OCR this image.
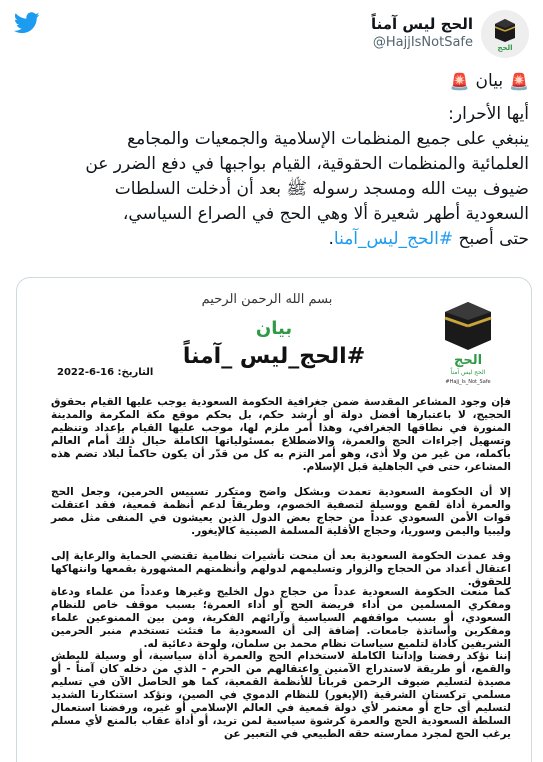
الحج
الحج ليس آمناً
@HajjIsNotSafe
🚨
بيان
🚨
أيها الأحرار:
ينبغي على جميع المنظمات الإسلامية والجمعيات والمجامع
العلمائية والمنظمات الحقوقية، القيام بواجبها في دفع الضرر عن
ضيوف بيت الله ومسجد رسوله ﷺ بعد أن أدخلت السلطات
السعودية أطهر شعيرة ألا وهي الحج في الصراع السياسي،
حتى أصبح #الحج_ليس_آمنا.
بسم الله الرحمن الرحيم
الحج
الحج ليس آمناً
#Hajj_Is_Not_Safe
بيان
#الحج_ليس _آمناً
التاريخ: 16-6-2022
فإن وجود المشاعر المقدسة ضمن جغرافية الحكومة السعودية يوجب عليها القيام بحقوق الحجيج، لا باعتبارها أفضل دولة أو أرشد حكم، بل بحكم موقع مكة المكرمة والمدينة المنورة في نطاقها الجغرافي، وهذا أمر ملزم لها، موجب عليها القيام بإعداد وتنظيم وتسهيل إجراءات الحج والعمرة، والاضطلاع بمسئولياتها الكاملة حيال ذلك أمام العالم بأكمله، من غير من ولا أذى، وهو أمر التزم به كل من قدّر أن يكون حاكماً لبلاد تضم هذه المشاعر، حتى في الجاهلية قبل الإسلام.
إلا أن الحكومة السعودية تعمدت وبشكل واضح ومتكرر تسييس الحرمين، وجعل الحج والعمرة أداة لقمع ووسيلة لتصفية الخصوم، وطريقاً لدعم أنظمة قمعية، فقد اعتقلت قوات الأمن السعودي عدداً من حجاج بعض الدول الذين يعيشون في المنفى مثل مصر وليبيا واليمن وسوريا، وحجاج الأقلية المسلمة الصينية كالإيغور.
وقد عمدت الحكومة السعودية بعد أن منحت تأشيرات نظامية تقتضي الحماية والرعاية إلى اعتقال أعداد من الحجاج والزوار وتسليمهم لدولهم وأنظمتهم المشهورة بقمعها وانتهاكها للحقوق.
كما منعت الحكومة السعودية عدداً من حجاج دول الخليج وغيرها وعدداً من علماء ودعاة ومفكري المسلمين من أداء فريضة الحج أو أداء العمرة؛ بسبب موقف خاص للنظام السعودي، أو بسبب مواقفهم السياسية وآرائهم الفكرية، ومن بين الممنوعين علماء ومفكرين وأساتذة جامعات. إضافة إلى أن السعودية ما فتئت تستخدم منبر الحرمين الشريفين كأداة لتلميع سياسات نظام محمد بن سلمان، ولوحة دعائية له.
إننا نؤكد رفضنا وإداننا الكاملة لاستخدام الحج والعمرة أداة سياسية، أو وسيلة للبطش والقمع، أو طريقة لاستدراج الآمنين واعتقالهم من الحرم - الذي من دخله كان آمناً - أو مصيدة لتسليم ضيوف الرحمن قرباناً للأنظمة القمعية، كما هو الحاصل الآن في تسليم مسلمي تركستان الشرقية (الإيغور) للنظام الدموي في الصين، ونؤكد استنكارنا الشديد لتسليم أي حاج أو معتمر لأي دولة قمعية في العالم الإسلامي أو غيره، ورفضنا استعمال السلطة السعودية الحج والعمرة كرشوة سياسية لمن تريد، أو أداة عقاب بالمنع لأي مسلم يرغب الحج لمجرد ممارسته حقه الطبيعي في التعبير عن
